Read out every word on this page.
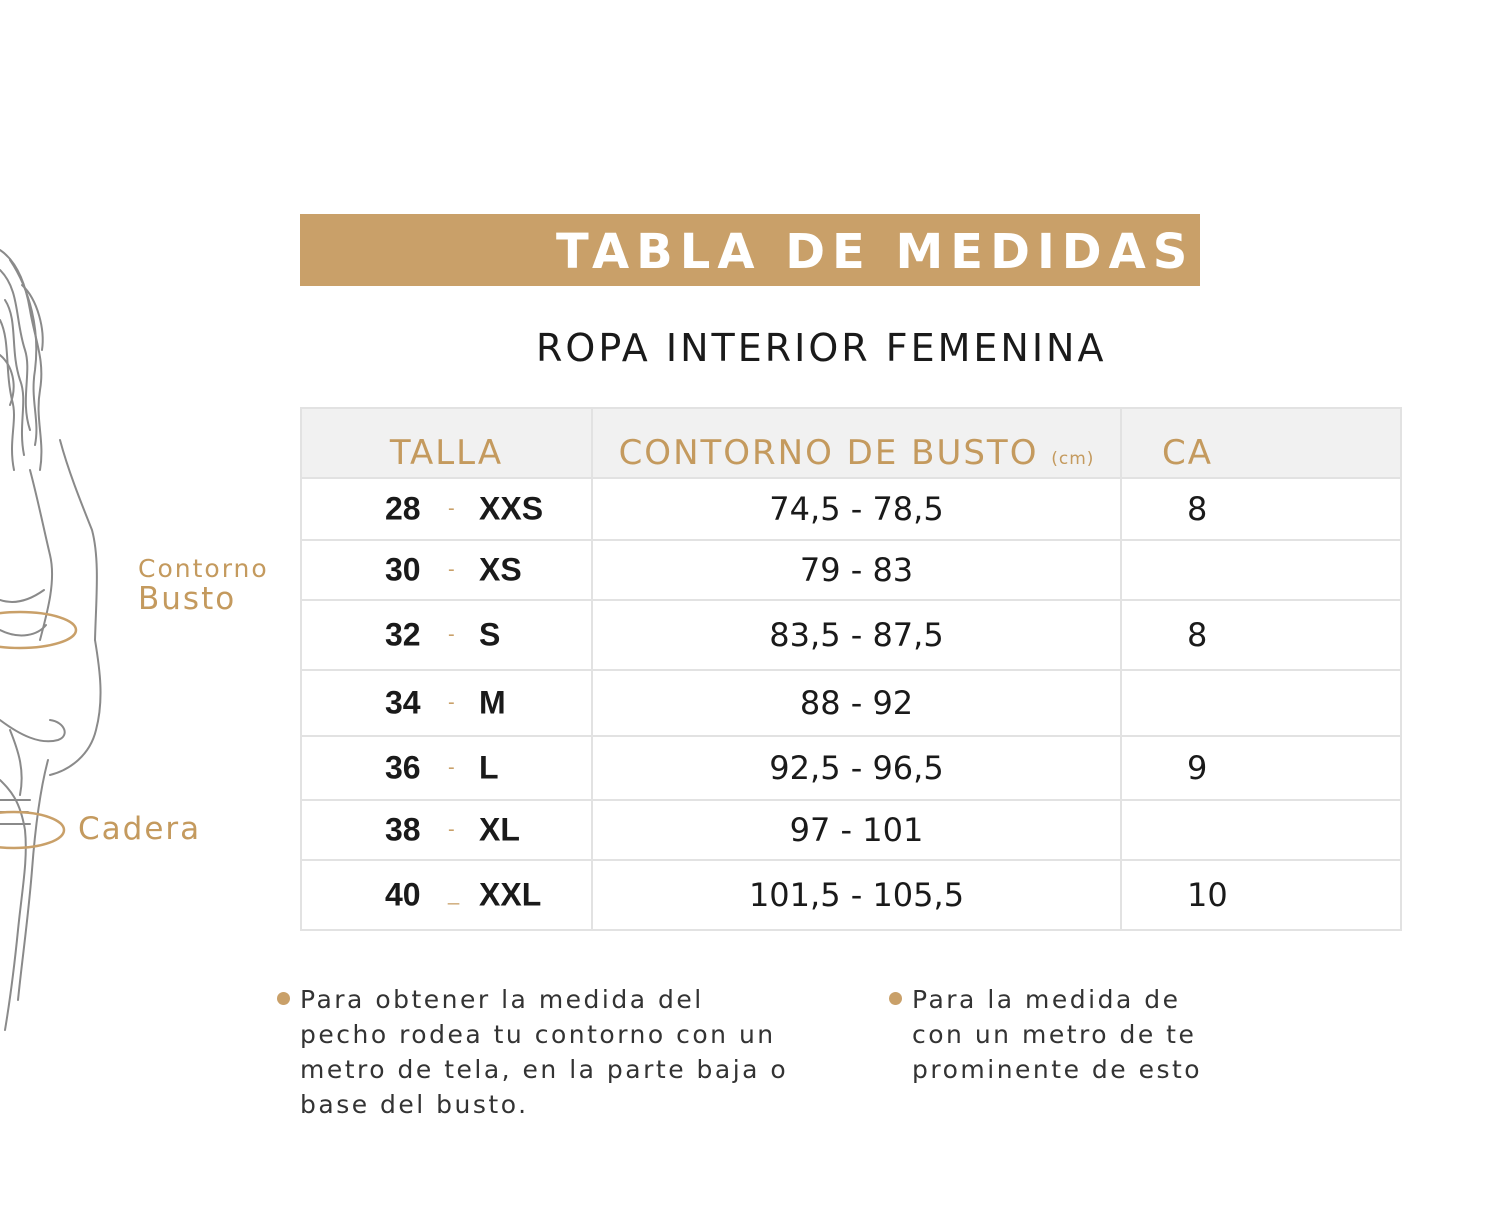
Contorno
Busto
Cadera
TABLA DE MEDIDAS
ROPA INTERIOR FEMENINA
TALLA	CONTORNO DE BUSTO (cm)	CA

28 - XXS	74,5 - 78,5	8

30 - XS	79 - 83	

32 - S	83,5 - 87,5	8

34 - M	88 - 92	

36 - L	92,5 - 96,5	9

38 - XL	97 - 101	

40 _ XXL	101,5 - 105,5	10
Para obtener la medida del
pecho rodea tu contorno con un
metro de tela, en la parte baja o
base del busto.
Para la medida de
con un metro de te
prominente de esto
